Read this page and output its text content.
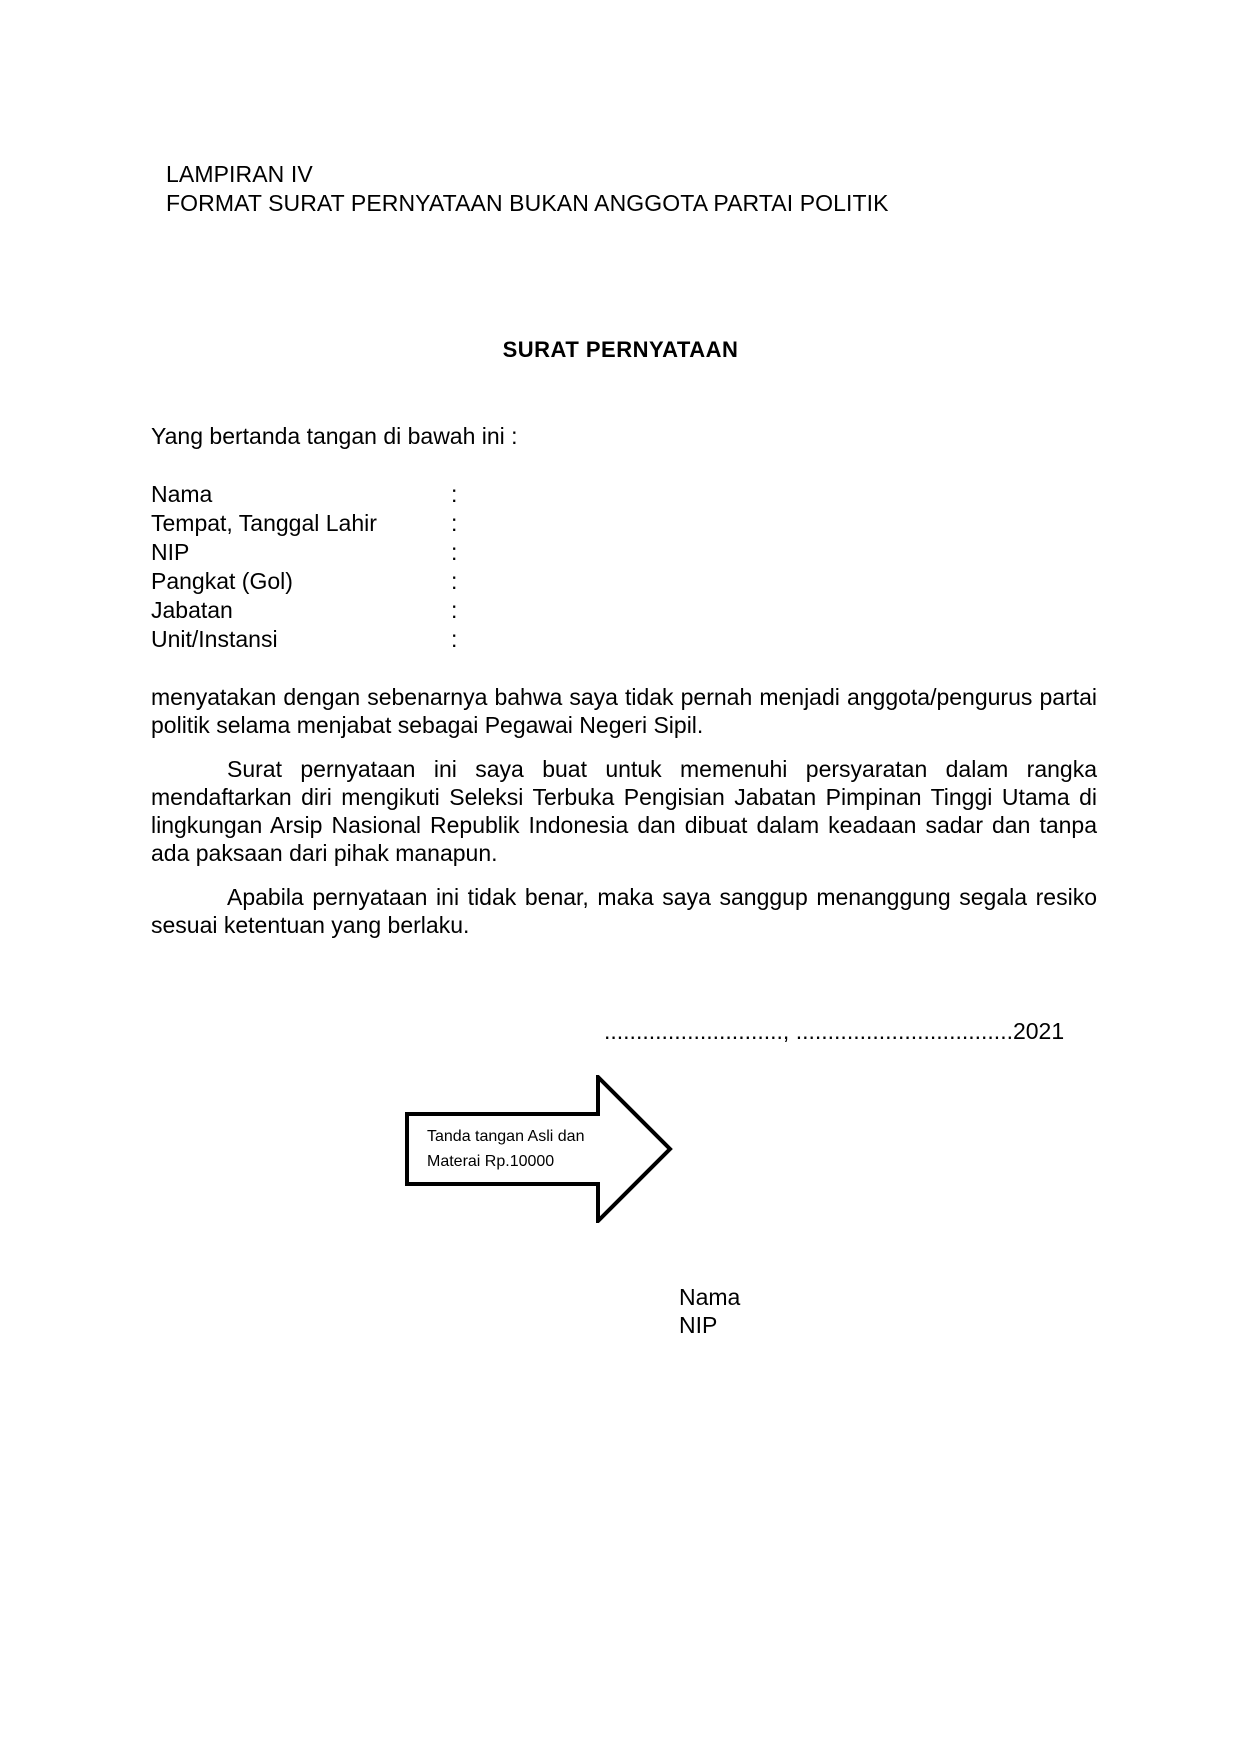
LAMPIRAN IV
FORMAT SURAT PERNYATAAN BUKAN ANGGOTA PARTAI POLITIK
SURAT PERNYATAAN
Yang bertanda tangan di bawah ini :
Nama	:
Tempat, Tanggal Lahir	:
NIP	:
Pangkat (Gol)	:
Jabatan	:
Unit/Instansi	:
menyatakan dengan sebenarnya bahwa saya tidak pernah menjadi anggota/pengurus partai politik selama menjabat sebagai Pegawai Negeri Sipil.
Surat pernyataan ini saya buat untuk memenuhi persyaratan dalam rangka mendaftarkan diri mengikuti Seleksi Terbuka Pengisian Jabatan Pimpinan Tinggi Utama di lingkungan Arsip Nasional Republik Indonesia dan dibuat dalam keadaan sadar dan tanpa ada paksaan dari pihak manapun.
Apabila pernyataan ini tidak benar, maka saya sanggup menanggung segala resiko sesuai ketentuan yang berlaku.
............................, ..................................2021
Tanda tangan Asli dan
Materai Rp.10000
Nama
NIP
